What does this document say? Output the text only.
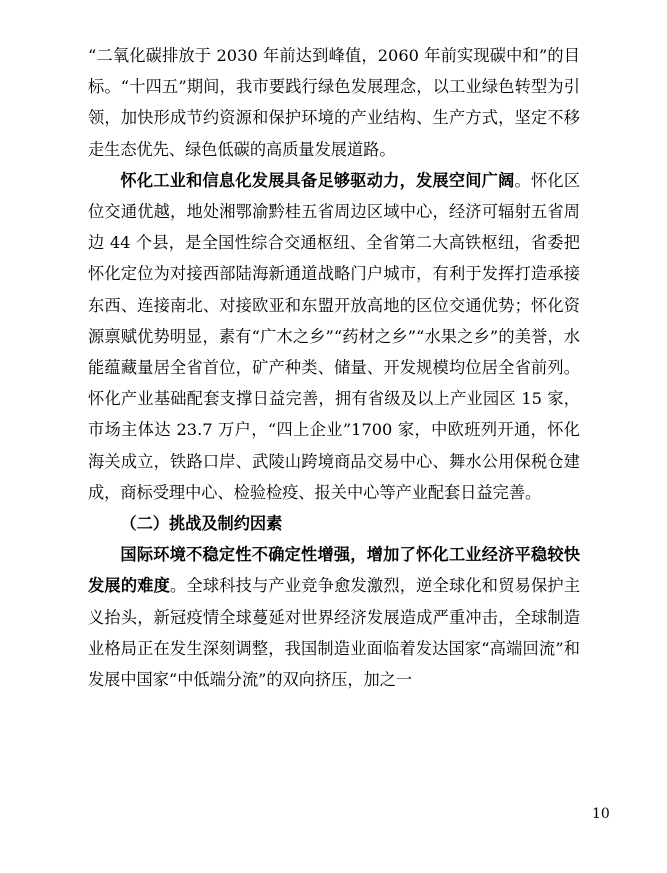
“二氧化碳排放于 2030 年前达到峰值，2060 年前实现碳中和”的目标。“十四五”期间，我市要践行绿色发展理念，以工业绿色转型为引领，加快形成节约资源和保护环境的产业结构、生产方式，坚定不移走生态优先、绿色低碳的高质量发展道路。

怀化工业和信息化发展具备足够驱动力，发展空间广阔。怀化区位交通优越，地处湘鄂渝黔桂五省周边区域中心，经济可辐射五省周边 44 个县，是全国性综合交通枢纽、全省第二大高铁枢纽，省委把怀化定位为对接西部陆海新通道战略门户城市，有利于发挥打造承接东西、连接南北、对接欧亚和东盟开放高地的区位交通优势；怀化资源禀赋优势明显，素有“广木之乡”“药材之乡”“水果之乡”的美誉，水能蕴藏量居全省首位，矿产种类、储量、开发规模均位居全省前列。怀化产业基础配套支撑日益完善，拥有省级及以上产业园区 15 家，市场主体达 23.7 万户，“四上企业”1700 家，中欧班列开通，怀化海关成立，铁路口岸、武陵山跨境商品交易中心、舞水公用保税仓建成，商标受理中心、检验检疫、报关中心等产业配套日益完善。

（二）挑战及制约因素

国际环境不稳定性不确定性增强，增加了怀化工业经济平稳较快发展的难度。全球科技与产业竞争愈发激烈，逆全球化和贸易保护主义抬头，新冠疫情全球蔓延对世界经济发展造成严重冲击，全球制造业格局正在发生深刻调整，我国制造业面临着发达国家“高端回流”和发展中国家“中低端分流”的双向挤压，加之一

10
